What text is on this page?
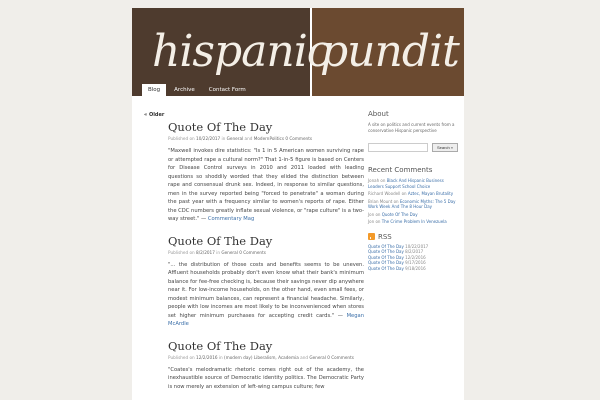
hispanic
pundit
Blog	Archive	Contact Form
« Older
Quote Of The Day
Published on 10/22/2017 in General and ModernPolitics 0 Comments
"Maxwell invokes dire statistics: "Is 1 in 5 American women surviving rape or attempted rape a cultural norm?" That 1-in-5 figure is based on Centers for Disease Control surveys in 2010 and 2011 loaded with leading questions so shoddily worded that they elided the distinction between rape and consensual drunk sex. Indeed, in response to similar questions, men in the survey reported being "forced to penetrate" a woman during the past year with a frequency similar to women's reports of rape. Either the CDC numbers greatly inflate sexual violence, or "rape culture" is a two-way street." — Commentary Mag
Quote Of The Day
Published on 8/2/2017 in General 0 Comments
"... the distribution of those costs and benefits seems to be uneven. Affluent households probably don't even know what their bank's minimum balance for fee-free checking is, because their savings never dip anywhere near it. For low-income households, on the other hand, even small fees, or modest minimum balances, can represent a financial headache. Similarly, people with low incomes are most likely to be inconvenienced when stores set higher minimum purchases for accepting credit cards." — Megan McArdle
Quote Of The Day
Published on 12/2/2016 in (modern day) Liberalism, Academia and General 0 Comments
"Coates's melodramatic rhetoric comes right out of the academy, the inexhaustible source of Democratic identity politics. The Democratic Party is now merely an extension of left-wing campus culture; few
About
A site on politics and current events from a conservative Hispanic perspective
Search »
Recent Comments
Jonah on Black And Hispanic Business Leaders Support School Choice
Richard Woodell on Aztec, Mayan Brutality
Brian Mount on Economic Myths: The 5 Day Work Week And The 8 Hour Day
Jon on Quote Of The Day
Jon on The Crime Problem In Venezuela
RSS
Quote Of The Day 10/22/2017
Quote Of The Day 8/2/2017
Quote Of The Day 12/2/2016
Quote Of The Day 9/17/2016
Quote Of The Day 9/18/2016
